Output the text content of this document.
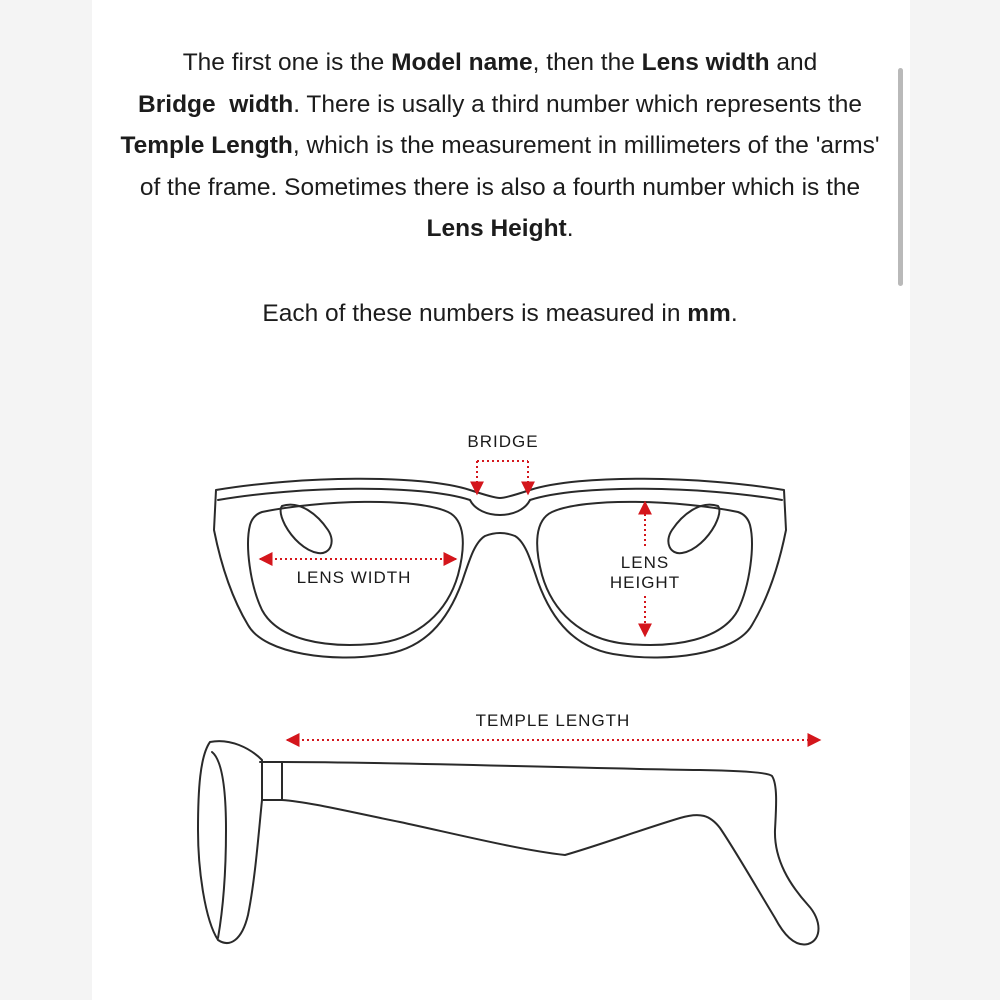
The first one is the Model name, then the Lens width and
Bridge  width. There is usally a third number which represents the Temple Length, which is the measurement in millimeters of the 'arms' of the frame. Sometimes there is also a fourth number which is the Lens Height.

Each of these numbers is measured in mm.

BRIDGE
LENS WIDTH
LENS
HEIGHT
TEMPLE LENGTH
